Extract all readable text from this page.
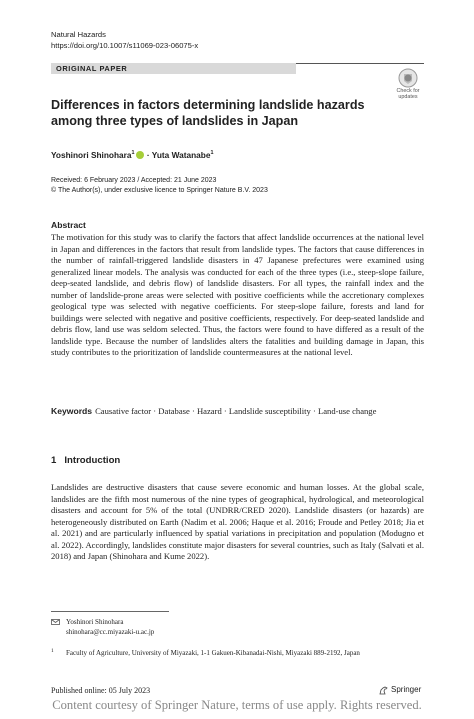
Natural Hazards
https://doi.org/10.1007/s11069-023-06075-x
ORIGINAL PAPER
Check for updates
Differences in factors determining landslide hazards among three types of landslides in Japan
Yoshinori Shinohara$^1$ · Yuta Watanabe$^1$
Received: 6 February 2023 / Accepted: 21 June 2023
© The Author(s), under exclusive licence to Springer Nature B.V. 2023
Abstract
The motivation for this study was to clarify the factors that affect landslide occurrences at the national level in Japan and differences in the factors that result from landslide types. The factors that cause differences in the number of rainfall-triggered landslide disasters in 47 Japanese prefectures were examined using generalized linear models. The analysis was conducted for each of the three types (i.e., steep-slope failure, deep-seated landslide, and debris flow) of landslide disasters. For all types, the rainfall index and the number of landslide-prone areas were selected with positive coefficients while the accretionary complexes geological type was selected with negative coefficients. For steep-slope failure, forests and land for buildings were selected with negative and positive coefficients, respectively. For deep-seated landslide and debris flow, land use was seldom selected. Thus, the factors were found to have differed as a result of the landslide type. Because the number of landslides alters the fatalities and building damage in Japan, this study contributes to the prioritization of landslide countermeasures at the national level.
Keywords Causative factor · Database · Hazard · Landslide susceptibility · Land-use change
1 Introduction
Landslides are destructive disasters that cause severe economic and human losses. At the global scale, landslides are the fifth most numerous of the nine types of geographical, hydrological, and meteorological disasters and account for 5% of the total (UNDRR/CRED 2020). Landslide disasters (or hazards) are heterogeneously distributed on Earth (Nadim et al. 2006; Haque et al. 2016; Froude and Petley 2018; Jia et al. 2021) and are particularly influenced by spatial variations in precipitation and population (Modugno et al. 2022). Accordingly, landslides constitute major disasters for several countries, such as Italy (Salvati et al. 2018) and Japan (Shinohara and Kume 2022).
Yoshinori Shinohara
shinohara@cc.miyazaki-u.ac.jp
1 Faculty of Agriculture, University of Miyazaki, 1-1 Gakuen-Kibanadai-Nishi, Miyazaki 889-2192, Japan
Published online: 05 July 2023	Springer
Content courtesy of Springer Nature, terms of use apply. Rights reserved.
